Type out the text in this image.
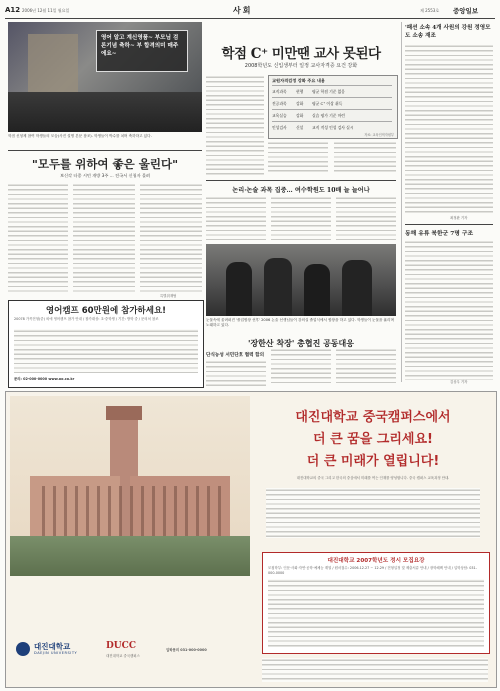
A12 2006년 12월 11일 월요일	사회	제 2553호 중앙일보
영어 알고 계신영품~ 부모님 검론기념 축하~ 부 합격의미 매주에요~
학점 신청제 참여 학생들의 모습(사진 설명 본문 참조). 학생들이 박수를 치며 축하하고 있다.
학점 C⁺ 미만땐 교사 못된다
2008학년도 신입생부터 일정 교사자격증 요건 강화
교원자격검정 강화 주요 내용
교직과목	현행	평균 학점 기준 없음
전공과목	강화	평균 C⁺ 이상 취득
교육실습	강화	실습 평가 기준 마련
인성검사	신설	교직 적성 인성 검사 실시
자료: 교육인적자원부
"모두를 위하여 좋은 울린다"
보신각 타종 시민 개방 3주 ... 전국서 신청자 몰려
특별취재팀
영어캠프 60만원에 참가하세요!
20078 가족전형(중) 외에 영어캠프 참가 안내 / 참가대상: 초·중학생 / 기간: 방학 중 / 문의처 참조
문의: 02-000-0000 www.oo.co.kr
논리·논술 과목 집중… 여수학원도 10배 늘 늘어나
눈물속에 울려퍼진 '졸업합창 선후' 2006 논술 선생님들이 강의실 졸업식에서 합창을 하고 있다. 학생들이 눈물을 흘리며 노래하고 있다.
'장한산 착장' 총협진 공동대응
단식농성 서민단호 협력 합의
'패션 소속 4개 사원의 강원 정영모도 소송 재조
최정완 기자
동해 유류 북한군 7명 구조
김상우 기자
대진대학교 중국캠퍼스에서
더 큰 꿈을 그리세요!
더 큰 미래가 열립니다!
대진대학교의 중국 그리고 한국의 중심에서 미래를 여는 인재를 양성합니다. 중국 캠퍼스 교육과정 안내.
대진대학교 2007학년도 정시 모집요강
모집학부: 인문·사회·자연·공학·예체능 계열 / 원서접수: 2006.12.27 ~ 12.29 / 전형일정 및 제출서류 안내 / 장학혜택 안내 / 입학상담: 031-000-0000
대진대학교
DAEJIN UNIVERSITY
DUCC
대진대학교 중국캠퍼스
입학문의 031-000-0000
